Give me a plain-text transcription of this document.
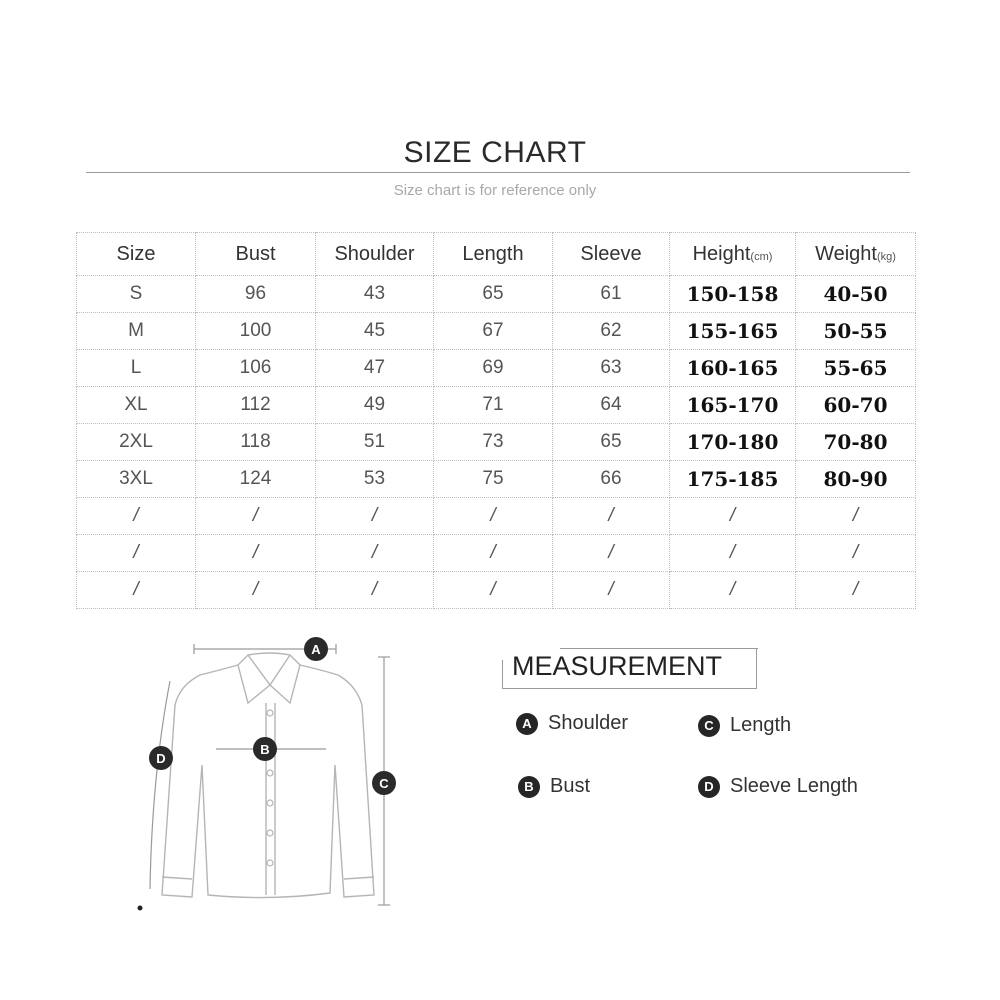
SIZE CHART
Size chart is for reference only
Size	Bust	Shoulder	Length	Sleeve	Height(cm)	Weight(kg)
S	96	43	65	61	150-158	40-50
M	100	45	67	62	155-165	50-55
L	106	47	69	63	160-165	55-65
XL	112	49	71	64	165-170	60-70
2XL	118	51	73	65	170-180	70-80
3XL	124	53	75	66	175-185	80-90
/	/	/	/	/	/	/
/	/	/	/	/	/	/
/	/	/	/	/	/	/
A
B
C
D
MEASUREMENT
A Shoulder	C Length
B Bust	D Sleeve Length
